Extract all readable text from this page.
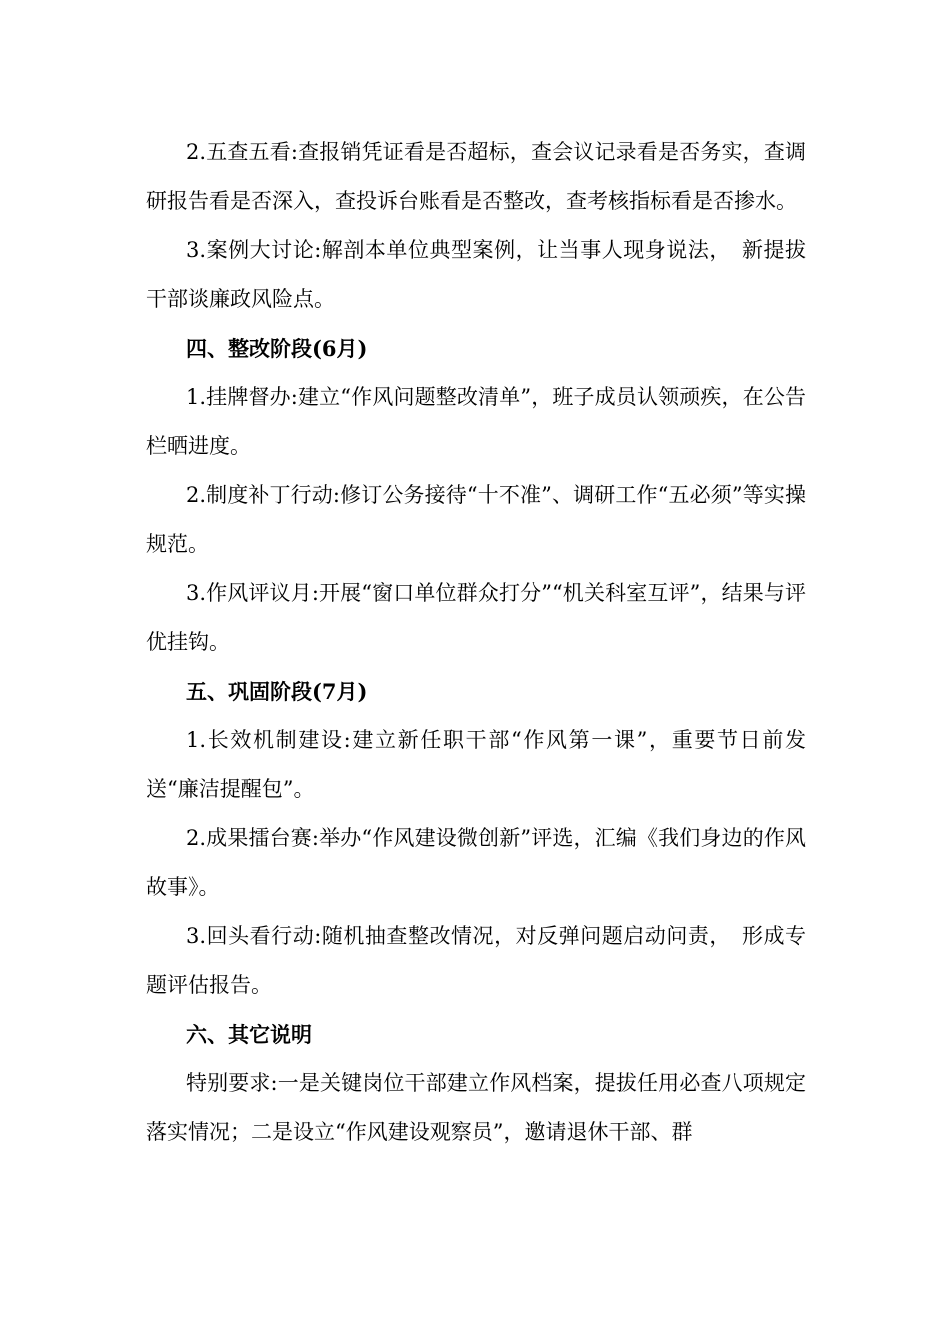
2.五查五看:查报销凭证看是否超标，查会议记录看是否务实，查调研报告看是否深入，查投诉台账看是否整改，查考核指标看是否掺水。

3.案例大讨论:解剖本单位典型案例，让当事人现身说法，　新提拔干部谈廉政风险点。

四、整改阶段(6月)

1.挂牌督办:建立“作风问题整改清单”，班子成员认领顽疾，在公告栏晒进度。

2.制度补丁行动:修订公务接待“十不准”、调研工作“五必须”等实操规范。

3.作风评议月:开展“窗口单位群众打分”“机关科室互评”，结果与评优挂钩。

五、巩固阶段(7月)

1.长效机制建设:建立新任职干部“作风第一课”，重要节日前发送“廉洁提醒包”。

2.成果擂台赛:举办“作风建设微创新”评选，汇编《我们身边的作风故事》。

3.回头看行动:随机抽查整改情况，对反弹问题启动问责，　形成专题评估报告。

六、其它说明

特别要求:一是关键岗位干部建立作风档案，提拔任用必查八项规定落实情况；二是设立“作风建设观察员”，邀请退休干部、群
